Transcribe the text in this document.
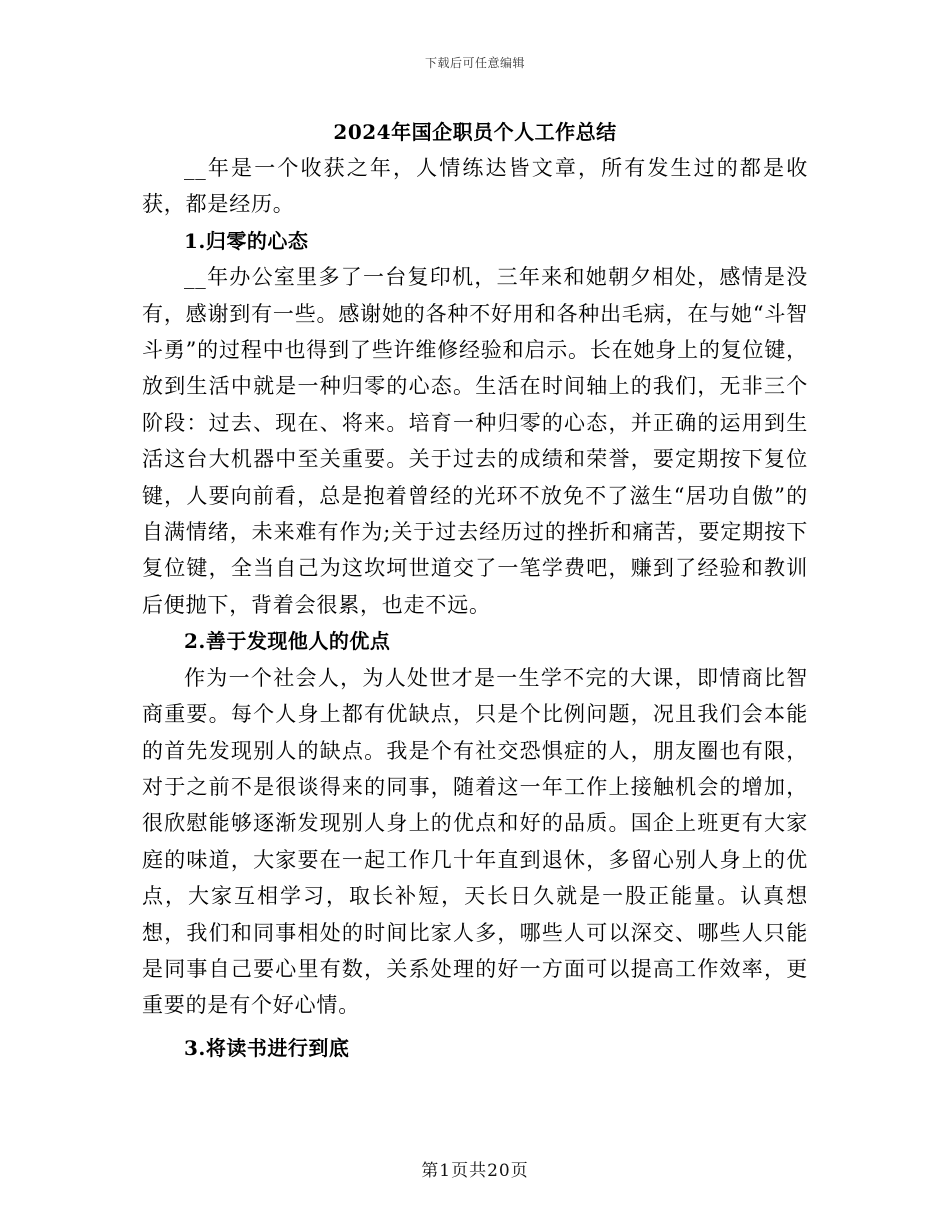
下载后可任意编辑
2024年国企职员个人工作总结

__年是一个收获之年，人情练达皆文章，所有发生过的都是收获，都是经历。

1.归零的心态

__年办公室里多了一台复印机，三年来和她朝夕相处，感情是没有，感谢到有一些。感谢她的各种不好用和各种出毛病，在与她“斗智斗勇”的过程中也得到了些许维修经验和启示。长在她身上的复位键，放到生活中就是一种归零的心态。生活在时间轴上的我们，无非三个阶段：过去、现在、将来。培育一种归零的心态，并正确的运用到生活这台大机器中至关重要。关于过去的成绩和荣誉，要定期按下复位键，人要向前看，总是抱着曾经的光环不放免不了滋生“居功自傲”的自满情绪，未来难有作为;关于过去经历过的挫折和痛苦，要定期按下复位键，全当自己为这坎坷世道交了一笔学费吧，赚到了经验和教训后便抛下，背着会很累，也走不远。

2.善于发现他人的优点

作为一个社会人，为人处世才是一生学不完的大课，即情商比智商重要。每个人身上都有优缺点，只是个比例问题，况且我们会本能的首先发现别人的缺点。我是个有社交恐惧症的人，朋友圈也有限，对于之前不是很谈得来的同事，随着这一年工作上接触机会的增加，很欣慰能够逐渐发现别人身上的优点和好的品质。国企上班更有大家庭的味道，大家要在一起工作几十年直到退休，多留心别人身上的优点，大家互相学习，取长补短，天长日久就是一股正能量。认真想想，我们和同事相处的时间比家人多，哪些人可以深交、哪些人只能是同事自己要心里有数，关系处理的好一方面可以提高工作效率，更重要的是有个好心情。

3.将读书进行到底

第1页共20页
